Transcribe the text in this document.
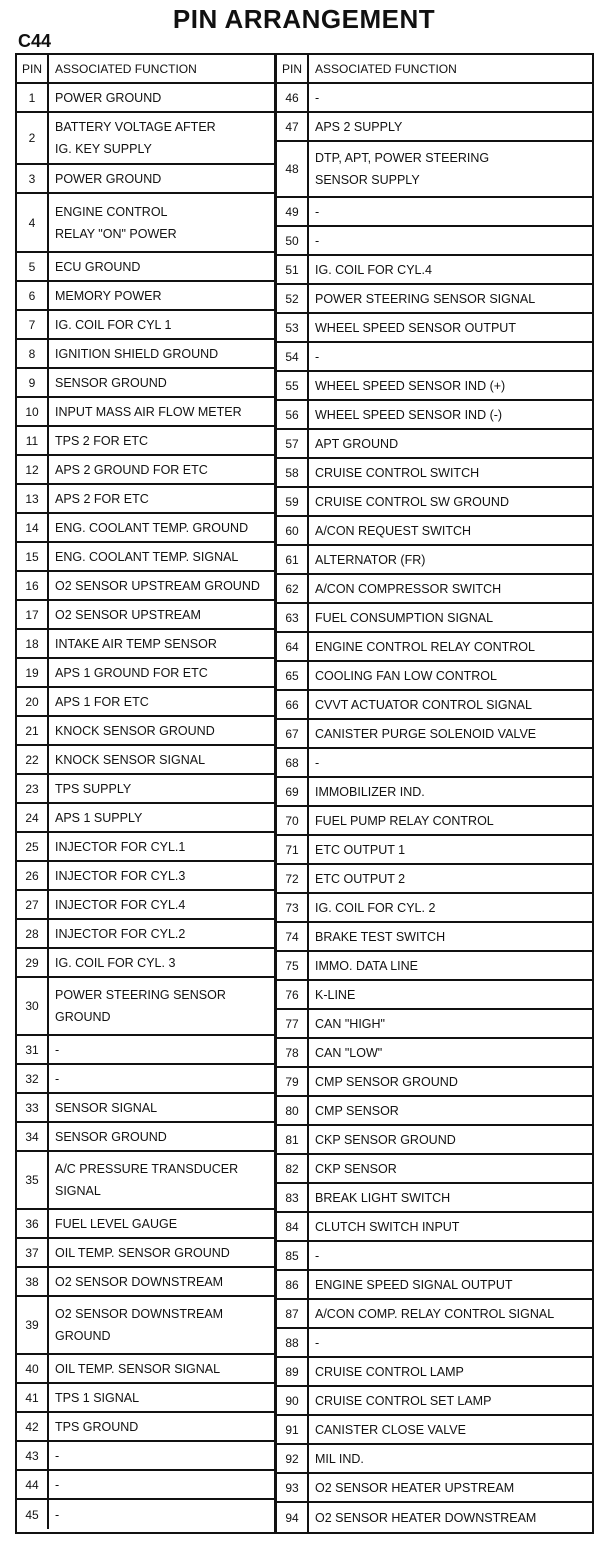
PIN ARRANGEMENT
C44
PIN	ASSOCIATED FUNCTION
1	POWER GROUND
2
BATTERY VOLTAGE AFTER
IG. KEY SUPPLY
3	POWER GROUND
4
ENGINE CONTROL
RELAY "ON" POWER
5	ECU GROUND
6	MEMORY POWER
7	IG. COIL FOR CYL 1
8	IGNITION SHIELD GROUND
9	SENSOR GROUND
10	INPUT MASS AIR FLOW METER
11	TPS 2 FOR ETC
12	APS 2 GROUND FOR ETC
13	APS 2 FOR ETC
14	ENG. COOLANT TEMP. GROUND
15	ENG. COOLANT TEMP. SIGNAL
16	O2 SENSOR UPSTREAM GROUND
17	O2 SENSOR UPSTREAM
18	INTAKE AIR TEMP SENSOR
19	APS 1 GROUND FOR ETC
20	APS 1 FOR ETC
21	KNOCK SENSOR GROUND
22	KNOCK SENSOR SIGNAL
23	TPS SUPPLY
24	APS 1 SUPPLY
25	INJECTOR FOR CYL.1
26	INJECTOR FOR CYL.3
27	INJECTOR FOR CYL.4
28	INJECTOR FOR CYL.2
29	IG. COIL FOR CYL. 3
30
POWER STEERING SENSOR
GROUND
31	-
32	-
33	SENSOR SIGNAL
34	SENSOR GROUND
35
A/C PRESSURE TRANSDUCER
SIGNAL
36	FUEL LEVEL GAUGE
37	OIL TEMP. SENSOR GROUND
38	O2 SENSOR DOWNSTREAM
39
O2 SENSOR DOWNSTREAM
GROUND
40	OIL TEMP. SENSOR SIGNAL
41	TPS 1 SIGNAL
42	TPS GROUND
43	-
44	-
45	-
PIN	ASSOCIATED FUNCTION
46	-
47	APS 2 SUPPLY
48
DTP, APT, POWER STEERING
SENSOR SUPPLY
49	-
50	-
51	IG. COIL FOR CYL.4
52	POWER STEERING SENSOR SIGNAL
53	WHEEL SPEED SENSOR OUTPUT
54	-
55	WHEEL SPEED SENSOR IND (+)
56	WHEEL SPEED SENSOR IND (-)
57	APT GROUND
58	CRUISE CONTROL SWITCH
59	CRUISE CONTROL SW GROUND
60	A/CON REQUEST SWITCH
61	ALTERNATOR (FR)
62	A/CON COMPRESSOR SWITCH
63	FUEL CONSUMPTION SIGNAL
64	ENGINE CONTROL RELAY CONTROL
65	COOLING FAN LOW CONTROL
66	CVVT ACTUATOR CONTROL SIGNAL
67	CANISTER PURGE SOLENOID VALVE
68	-
69	IMMOBILIZER IND.
70	FUEL PUMP RELAY CONTROL
71	ETC OUTPUT 1
72	ETC OUTPUT 2
73	IG. COIL FOR CYL. 2
74	BRAKE TEST SWITCH
75	IMMO. DATA LINE
76	K-LINE
77	CAN "HIGH"
78	CAN "LOW"
79	CMP SENSOR GROUND
80	CMP SENSOR
81	CKP SENSOR GROUND
82	CKP SENSOR
83	BREAK LIGHT SWITCH
84	CLUTCH SWITCH INPUT
85	-
86	ENGINE SPEED SIGNAL OUTPUT
87	A/CON COMP. RELAY CONTROL SIGNAL
88	-
89	CRUISE CONTROL LAMP
90	CRUISE CONTROL SET LAMP
91	CANISTER CLOSE VALVE
92	MIL IND.
93	O2 SENSOR HEATER UPSTREAM
94	O2 SENSOR HEATER DOWNSTREAM
